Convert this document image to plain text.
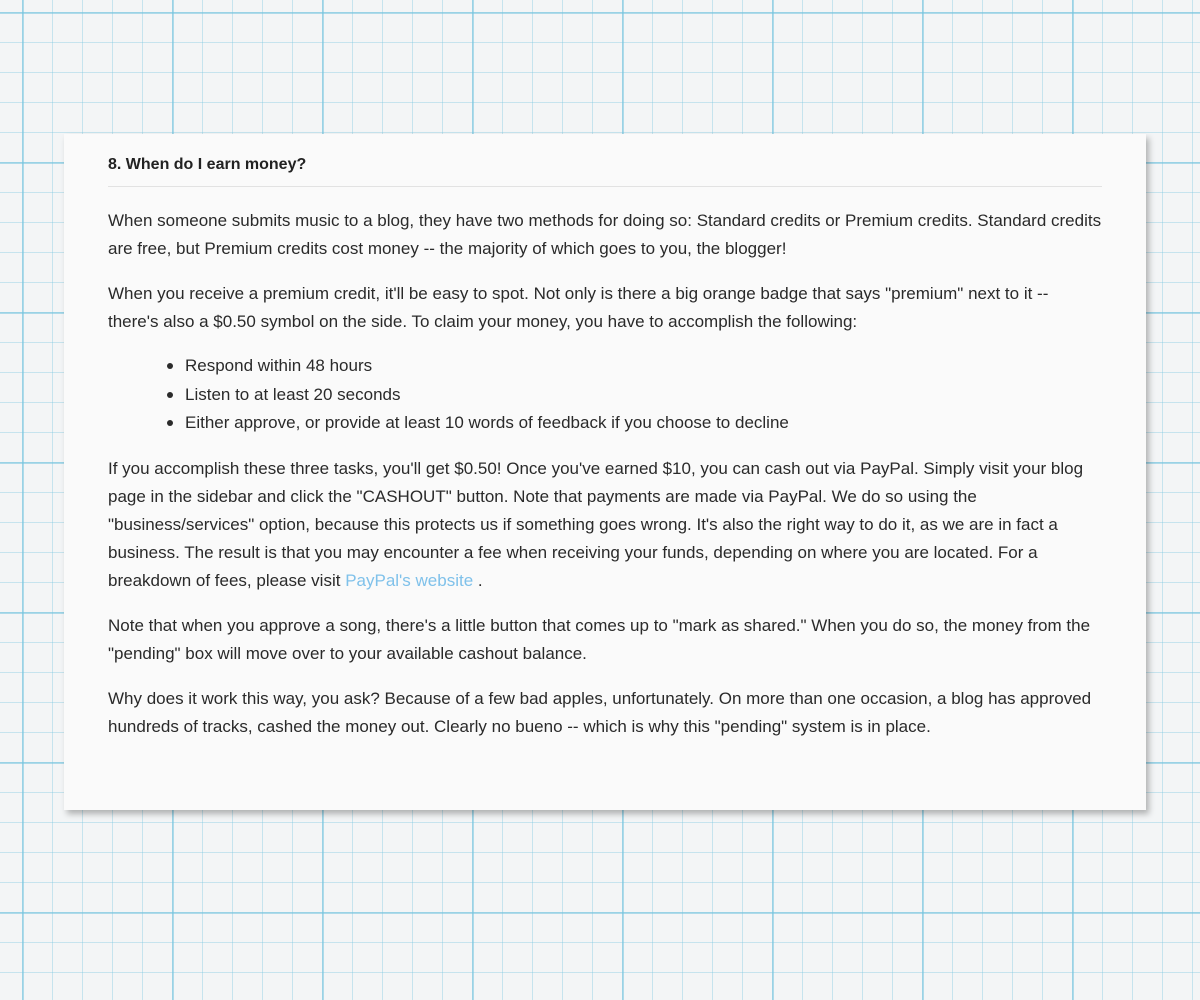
8. When do I earn money?

When someone submits music to a blog, they have two methods for doing so: Standard credits or Premium credits. Standard credits are free, but Premium credits cost money -- the majority of which goes to you, the blogger!

When you receive a premium credit, it'll be easy to spot. Not only is there a big orange badge that says "premium" next to it -- there's also a $0.50 symbol on the side. To claim your money, you have to accomplish the following:

Respond within 48 hours
Listen to at least 20 seconds
Either approve, or provide at least 10 words of feedback if you choose to decline

If you accomplish these three tasks, you'll get $0.50! Once you've earned $10, you can cash out via PayPal. Simply visit your blog page in the sidebar and click the "CASHOUT" button. Note that payments are made via PayPal. We do so using the "business/services" option, because this protects us if something goes wrong. It's also the right way to do it, as we are in fact a business. The result is that you may encounter a fee when receiving your funds, depending on where you are located. For a breakdown of fees, please visit PayPal's website .

Note that when you approve a song, there's a little button that comes up to "mark as shared." When you do so, the money from the "pending" box will move over to your available cashout balance.

Why does it work this way, you ask? Because of a few bad apples, unfortunately. On more than one occasion, a blog has approved hundreds of tracks, cashed the money out. Clearly no bueno -- which is why this "pending" system is in place.
